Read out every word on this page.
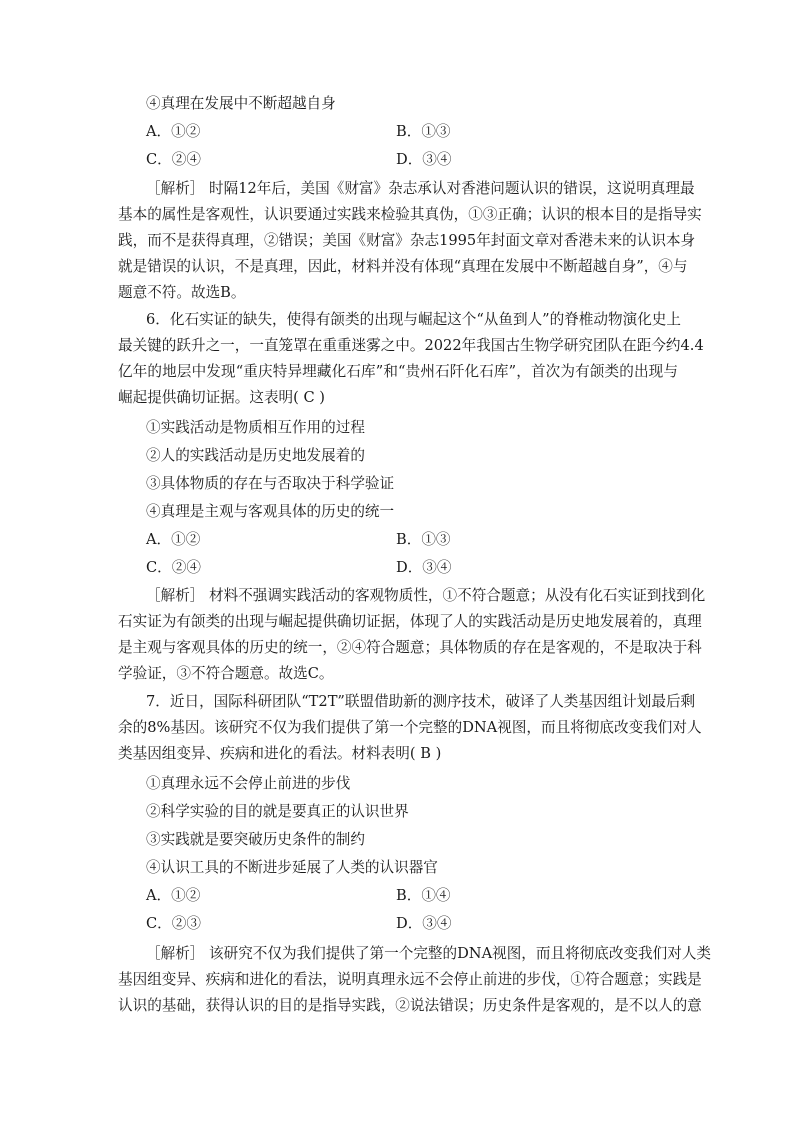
④真理在发展中不断超越自身
A．①②	B．①③
C．②④	D．③④
［解析］ 时隔12年后，美国《财富》杂志承认对香港问题认识的错误，这说明真理最
基本的属性是客观性，认识要通过实践来检验其真伪，①③正确；认识的根本目的是指导实
践，而不是获得真理，②错误；美国《财富》杂志1995年封面文章对香港未来的认识本身
就是错误的认识，不是真理，因此，材料并没有体现“真理在发展中不断超越自身”，④与
题意不符。故选B。
6．化石实证的缺失，使得有颌类的出现与崛起这个“从鱼到人”的脊椎动物演化史上
最关键的跃升之一，一直笼罩在重重迷雾之中。2022年我国古生物学研究团队在距今约4.4
亿年的地层中发现“重庆特异埋藏化石库”和“贵州石阡化石库”，首次为有颌类的出现与
崛起提供确切证据。这表明( C )
①实践活动是物质相互作用的过程
②人的实践活动是历史地发展着的
③具体物质的存在与否取决于科学验证
④真理是主观与客观具体的历史的统一
A．①②	B．①③
C．②④	D．③④
［解析］ 材料不强调实践活动的客观物质性，①不符合题意；从没有化石实证到找到化
石实证为有颌类的出现与崛起提供确切证据，体现了人的实践活动是历史地发展着的，真理
是主观与客观具体的历史的统一，②④符合题意；具体物质的存在是客观的，不是取决于科
学验证，③不符合题意。故选C。
7．近日，国际科研团队“T2T”联盟借助新的测序技术，破译了人类基因组计划最后剩
余的8%基因。该研究不仅为我们提供了第一个完整的DNA视图，而且将彻底改变我们对人
类基因组变异、疾病和进化的看法。材料表明( B )
①真理永远不会停止前进的步伐
②科学实验的目的就是要真正的认识世界
③实践就是要突破历史条件的制约
④认识工具的不断进步延展了人类的认识器官
A．①②	B．①④
C．②③	D．③④
［解析］ 该研究不仅为我们提供了第一个完整的DNA视图，而且将彻底改变我们对人类
基因组变异、疾病和进化的看法，说明真理永远不会停止前进的步伐，①符合题意；实践是
认识的基础，获得认识的目的是指导实践，②说法错误；历史条件是客观的，是不以人的意
